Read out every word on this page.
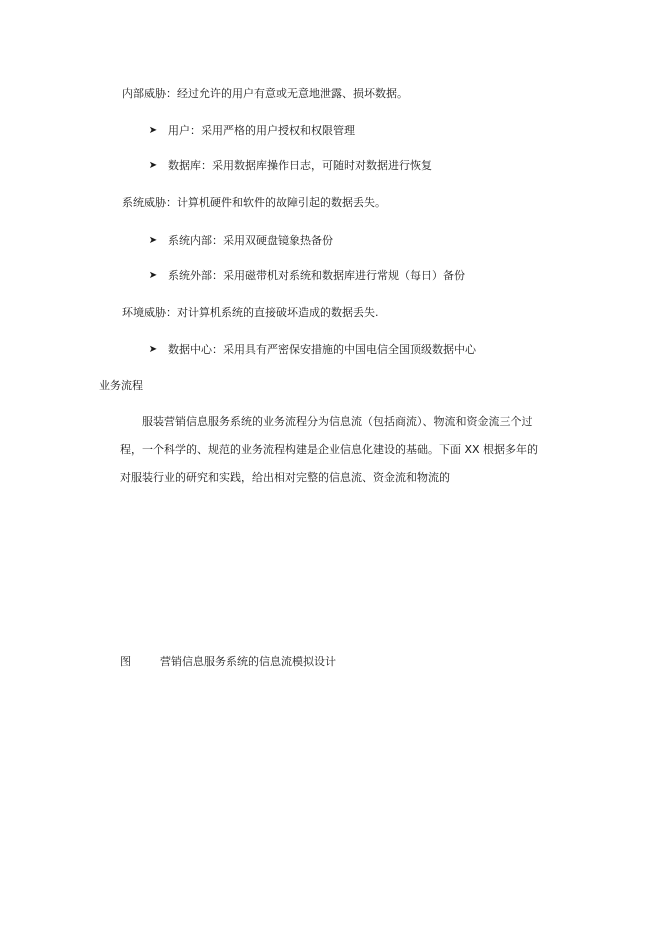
内部威胁：经过允许的用户有意或无意地泄露、损坏数据。
➤ 用户：采用严格的用户授权和权限管理
➤ 数据库：采用数据库操作日志，可随时对数据进行恢复
系统威胁：计算机硬件和软件的故障引起的数据丢失。
➤ 系统内部：采用双硬盘镜象热备份
➤ 系统外部：采用磁带机对系统和数据库进行常规（每日）备份
环境威胁：对计算机系统的直接破坏造成的数据丢失.
➤ 数据中心：采用具有严密保安措施的中国电信全国顶级数据中心
业务流程
服装营销信息服务系统的业务流程分为信息流（包括商流）、物流和资金流三个过
程，一个科学的、规范的业务流程构建是企业信息化建设的基础。下面 XX 根据多年的
对服装行业的研究和实践，给出相对完整的信息流、资金流和物流的
图	营销信息服务系统的信息流模拟设计
